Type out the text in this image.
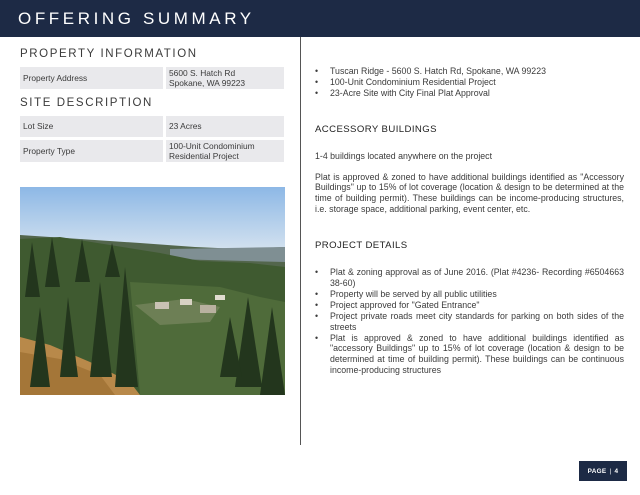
OFFERING SUMMARY
PROPERTY INFORMATION
Property Address
5600 S. Hatch Rd
Spokane, WA 99223
SITE DESCRIPTION
Lot Size	23 Acres
Property Type
100-Unit Condominium
Residential Project
• Tuscan Ridge - 5600 S. Hatch Rd, Spokane, WA 99223
• 100-Unit Condominium Residential Project
• 23-Acre Site with City Final Plat Approval
ACCESSORY BUILDINGS

1-4 buildings located anywhere on the project

Plat is approved & zoned to have additional buildings identified as "Accessory Buildings" up to 15% of lot coverage (location & design to be determined at the time of building permit). These buildings can be income-producing structures, i.e. storage space, additional parking, event center, etc.

PROJECT DETAILS
• Plat & zoning approval as of June 2016. (Plat #4236- Recording #6504663 38-60)
• Property will be served by all public utilities
• Project approved for "Gated Entrance"
• Project private roads meet city standards for parking on both sides of the streets
• Plat is approved & zoned to have additional buildings identified as "accessory Buildings" up to 15% of lot coverage (location & design to be determined at time of building permit). These buildings can be continuous income-producing structures
PAGE | 4
